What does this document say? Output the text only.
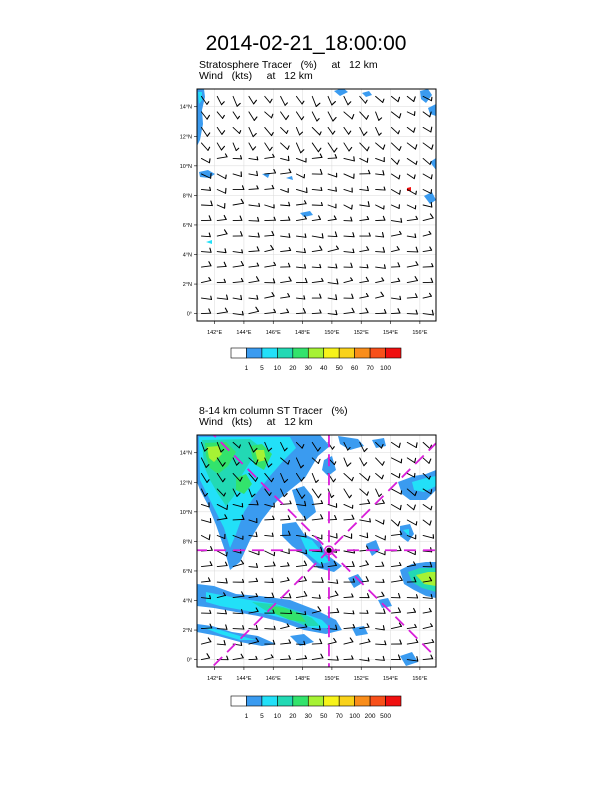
2014-02-21_18:00:00
Stratosphere Tracer   (%)     at   12 km
Wind   (kts)     at   12 km
8-14 km column ST Tracer   (%)
Wind   (kts)     at   12 km
142°E	144°E	146°E	148°E	150°E	152°E	154°E	156°E
0°
2°N
4°N
6°N
8°N
10°N
12°N
14°N
1 5 10 20 30 40 50 60 70 100
142°E	144°E	146°E	148°E	150°E	152°E	154°E	156°E
0°
2°N
4°N
6°N
8°N
10°N
12°N
14°N
1 5 10 20 30 50 70 100 200 500
